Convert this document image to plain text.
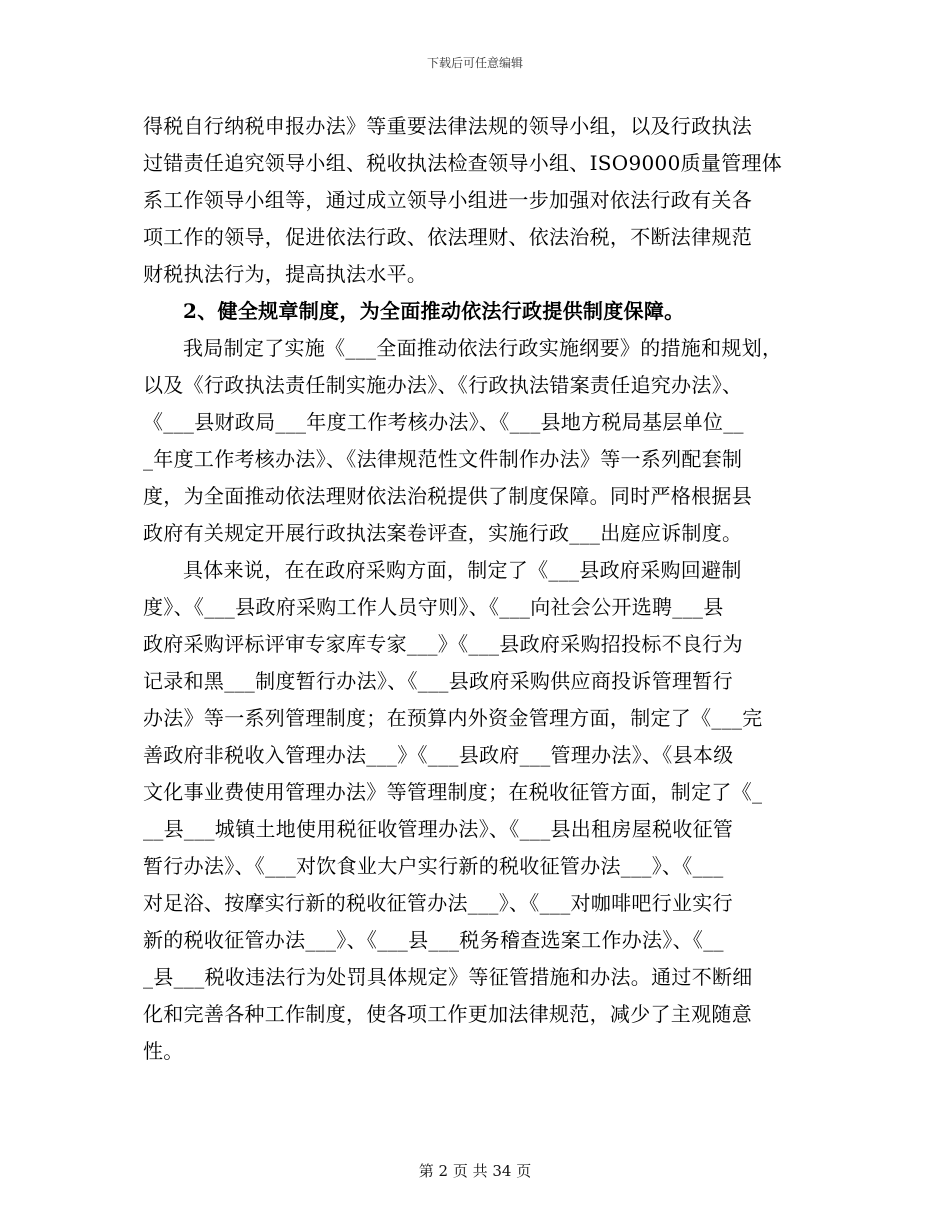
下载后可任意编辑
得税自行纳税申报办法》等重要法律法规的领导小组，以及行政执法
过错责任追究领导小组、税收执法检查领导小组、ISO9000质量管理体
系工作领导小组等，通过成立领导小组进一步加强对依法行政有关各
项工作的领导，促进依法行政、依法理财、依法治税，不断法律规范
财税执法行为，提高执法水平。
2、健全规章制度，为全面推动依法行政提供制度保障。
我局制定了实施《___全面推动依法行政实施纲要》的措施和规划，
以及《行政执法责任制实施办法》、《行政执法错案责任追究办法》、
《___县财政局___年度工作考核办法》、《___县地方税局基层单位__
_年度工作考核办法》、《法律规范性文件制作办法》等一系列配套制
度，为全面推动依法理财依法治税提供了制度保障。同时严格根据县
政府有关规定开展行政执法案卷评查，实施行政___出庭应诉制度。
具体来说，在在政府采购方面，制定了《___县政府采购回避制
度》、《___县政府采购工作人员守则》、《___向社会公开选聘___县
政府采购评标评审专家库专家___》《___县政府采购招投标不良行为
记录和黑___制度暂行办法》、《___县政府采购供应商投诉管理暂行
办法》等一系列管理制度；在预算内外资金管理方面，制定了《___完
善政府非税收入管理办法___》《___县政府___管理办法》、《县本级
文化事业费使用管理办法》等管理制度；在税收征管方面，制定了《_
__县___城镇土地使用税征收管理办法》、《___县出租房屋税收征管
暂行办法》、《___对饮食业大户实行新的税收征管办法___》、《___
对足浴、按摩实行新的税收征管办法___》、《___对咖啡吧行业实行
新的税收征管办法___》、《___县___税务稽查选案工作办法》、《__
_县___税收违法行为处罚具体规定》等征管措施和办法。通过不断细
化和完善各种工作制度，使各项工作更加法律规范，减少了主观随意
性。
第 2 页 共 34 页
